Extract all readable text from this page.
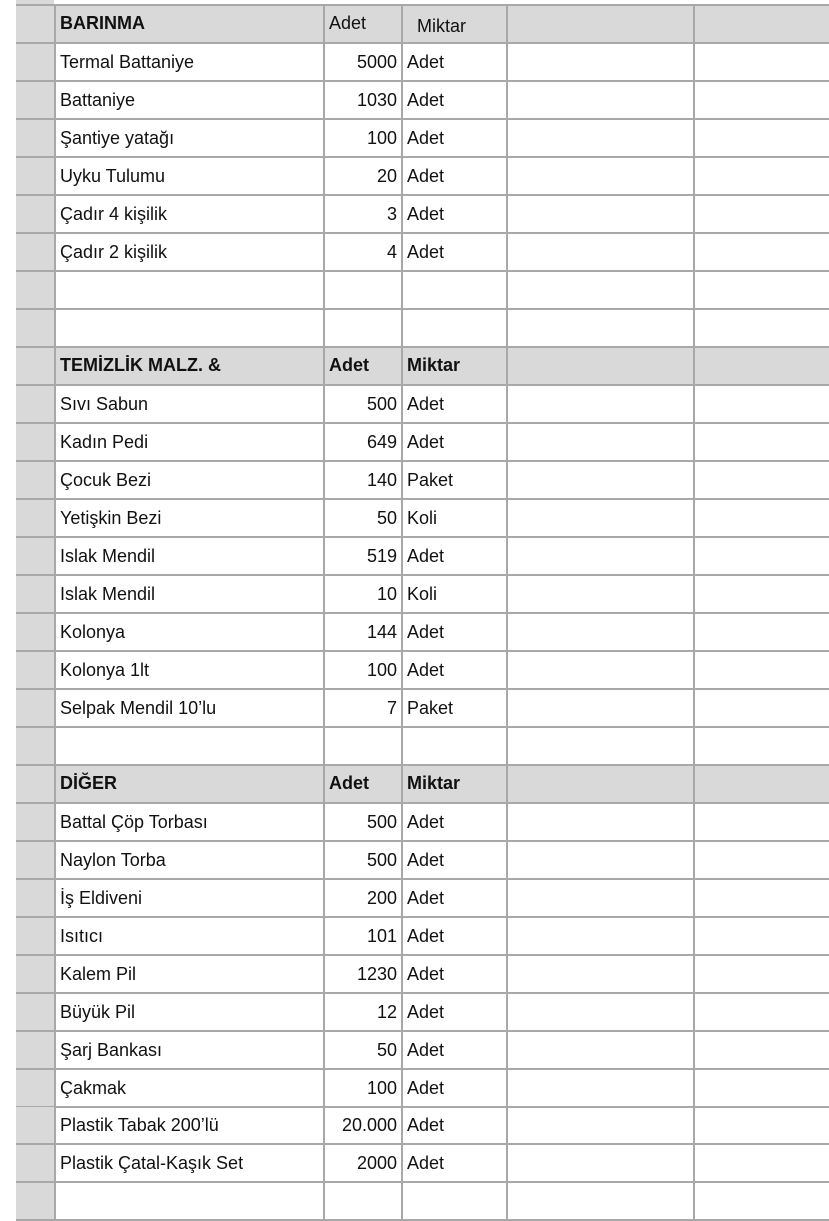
BARINMA	Adet	Miktar
Termal Battaniye	5000 Adet
Battaniye	1030 Adet
Şantiye yatağı	100 Adet
Uyku Tulumu	20 Adet
Çadır 4 kişilik	3 Adet
Çadır 2 kişilik	4 Adet
TEMİZLİK MALZ. &	Adet	Miktar
Sıvı Sabun	500 Adet
Kadın Pedi	649 Adet
Çocuk Bezi	140 Paket
Yetişkin Bezi	50 Koli
Islak Mendil	519 Adet
Islak Mendil	10 Koli
Kolonya	144 Adet
Kolonya 1lt	100 Adet
Selpak Mendil 10’lu	7 Paket
DİĞER	Adet	Miktar
Battal Çöp Torbası	500 Adet
Naylon Torba	500 Adet
İş Eldiveni	200 Adet
Isıtıcı	101 Adet
Kalem Pil	1230 Adet
Büyük Pil	12 Adet
Şarj Bankası	50 Adet
Çakmak	100 Adet
Plastik Tabak 200’lü	20.000 Adet
Plastik Çatal-Kaşık Set	2000 Adet
